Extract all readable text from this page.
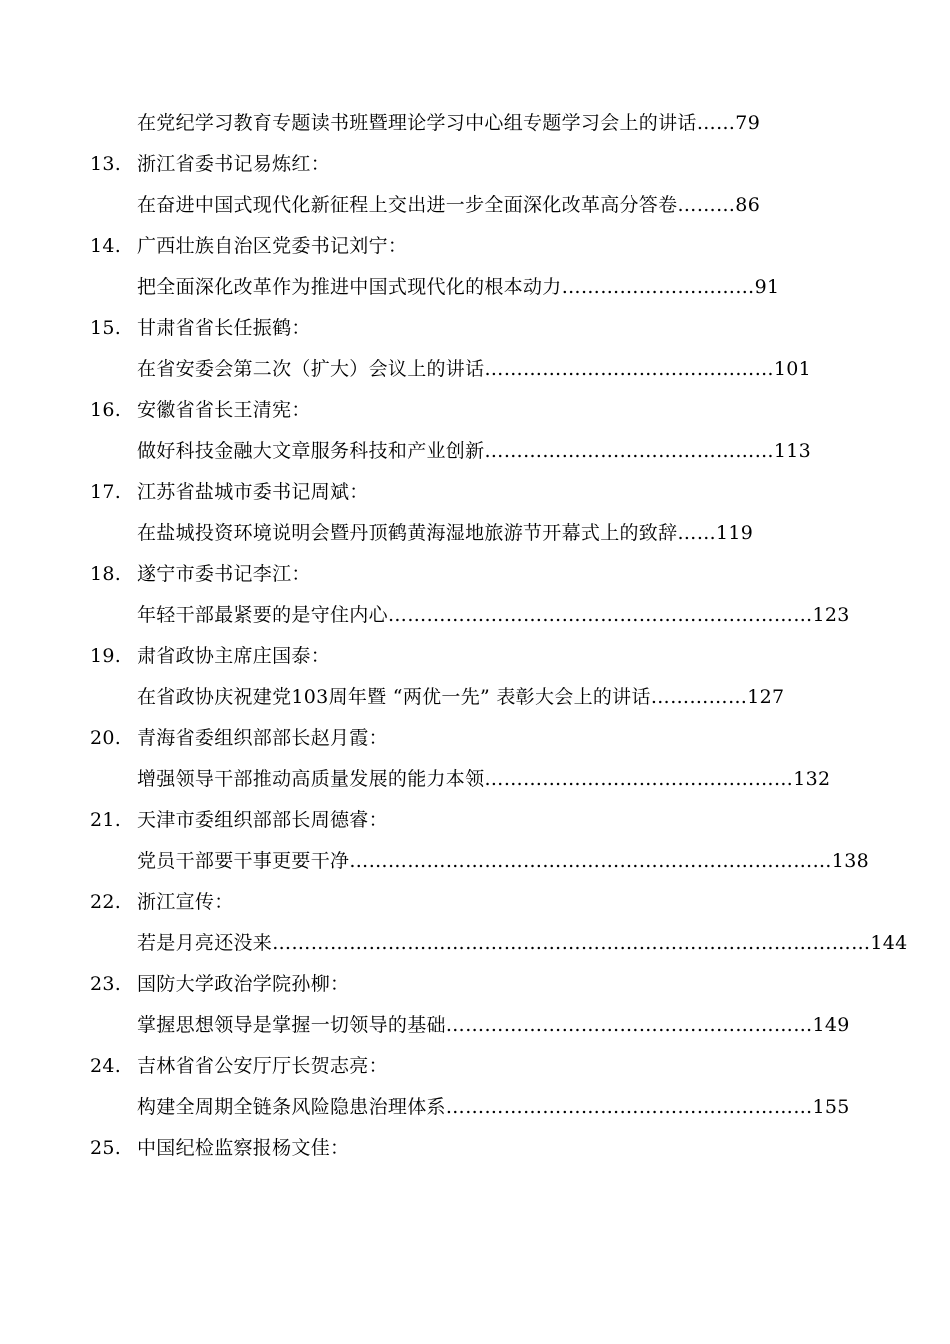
在党纪学习教育专题读书班暨理论学习中心组专题学习会上的讲话……79
13. 浙江省委书记易炼红：
在奋进中国式现代化新征程上交出进一步全面深化改革高分答卷………86
14. 广西壮族自治区党委书记刘宁：
把全面深化改革作为推进中国式现代化的根本动力…………………………91
15. 甘肃省省长任振鹤：
在省安委会第二次（扩大）会议上的讲话………………………………………101
16. 安徽省省长王清宪：
做好科技金融大文章服务科技和产业创新………………………………………113
17. 江苏省盐城市委书记周斌：
在盐城投资环境说明会暨丹顶鹤黄海湿地旅游节开幕式上的致辞……119
18. 遂宁市委书记李江：
年轻干部最紧要的是守住内心…………………………………………………………123
19. 肃省政协主席庄国泰：
在省政协庆祝建党103周年暨 “两优一先” 表彰大会上的讲话……………127
20. 青海省委组织部部长赵月霞：
增强领导干部推动高质量发展的能力本领…………………………………………132
21. 天津市委组织部部长周德睿：
党员干部要干事更要干净…………………………………………………………………138
22. 浙江宣传：
若是月亮还没来…………………………………………………………………………………144
23. 国防大学政治学院孙柳：
掌握思想领导是掌握一切领导的基础…………………………………………………149
24. 吉林省省公安厅厅长贺志亮：
构建全周期全链条风险隐患治理体系…………………………………………………155
25. 中国纪检监察报杨文佳：
